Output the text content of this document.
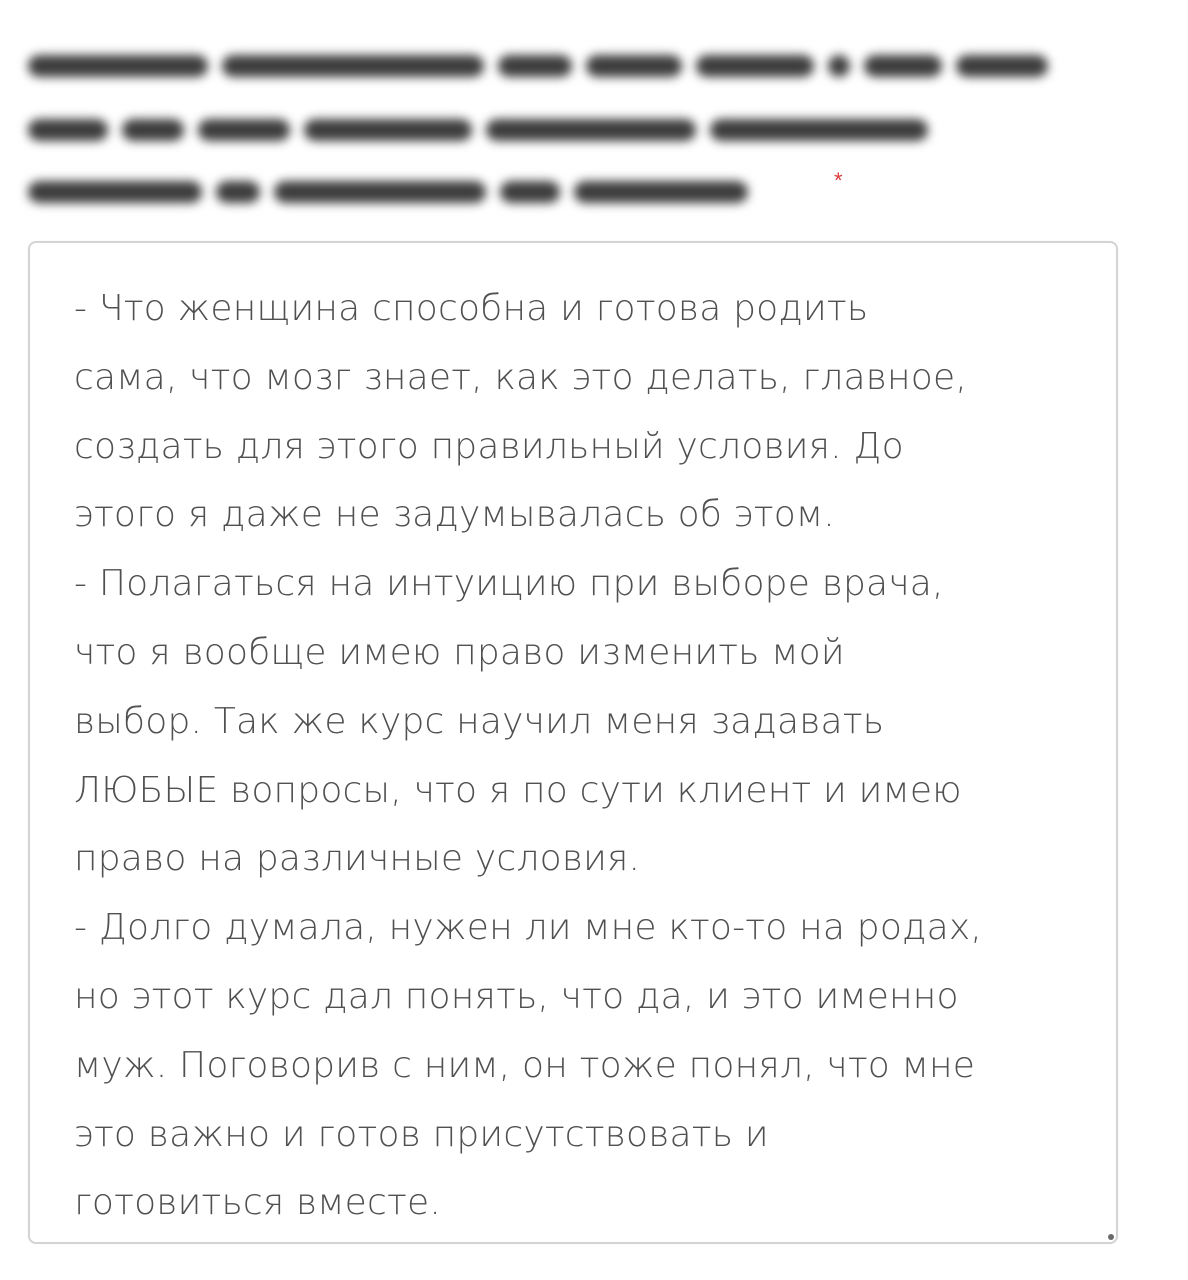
*

- Что женщина способна и готова родить
сама, что мозг знает, как это делать, главное,
создать для этого правильный условия. До
этого я даже не задумывалась об этом.
- Полагаться на интуицию при выборе врача,
что я вообще имею право изменить мой
выбор. Так же курс научил меня задавать
ЛЮБЫЕ вопросы, что я по сути клиент и имею
право на различные условия.
- Долго думала, нужен ли мне кто-то на родах,
но этот курс дал понять, что да, и это именно
муж. Поговорив с ним, он тоже понял, что мне
это важно и готов присутствовать и
готовиться вместе.
